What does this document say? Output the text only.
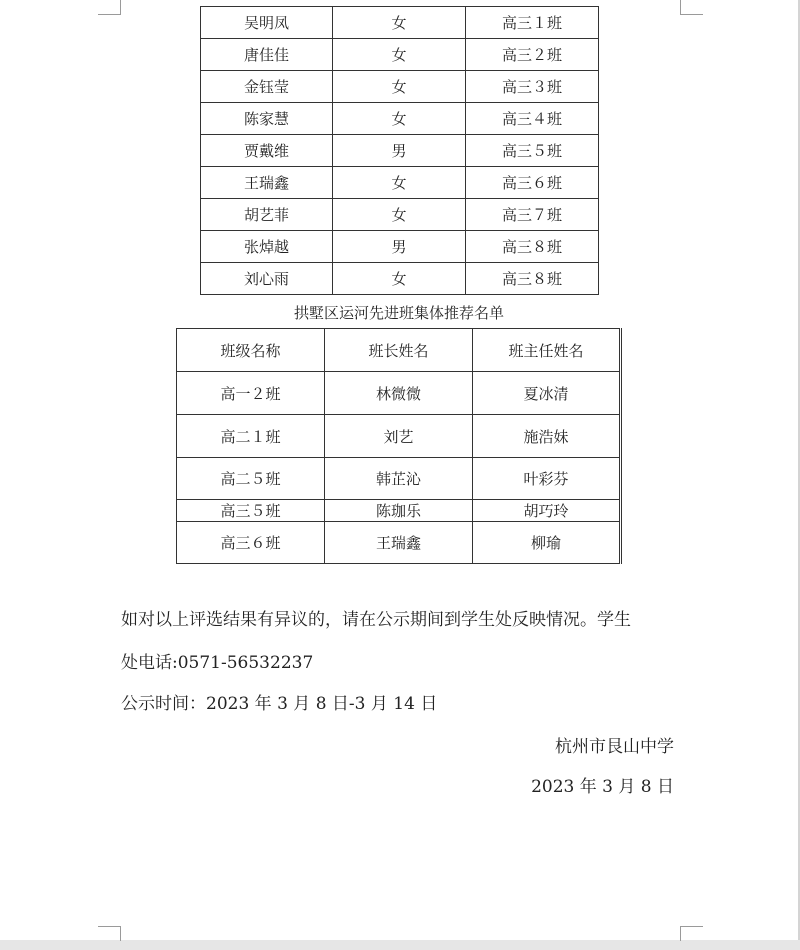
吴明凤	女	高三１班
唐佳佳	女	高三２班
金钰莹	女	高三３班
陈家慧	女	高三４班
贾戴维	男	高三５班
王瑞鑫	女	高三６班
胡艺菲	女	高三７班
张焯越	男	高三８班
刘心雨	女	高三８班
拱墅区运河先进班集体推荐名单
班级名称	班长姓名	班主任姓名
高一２班	林微微	夏冰清
高二１班	刘艺	施浩妹
高二５班	韩芷沁	叶彩芬
高三５班	陈珈乐	胡巧玲
高三６班	王瑞鑫	柳瑜
如对以上评选结果有异议的，请在公示期间到学生处反映情况。学生
处电话:0571-56532237
公示时间：2023 年 3 月 8 日-3 月 14 日
杭州市艮山中学
2023 年 3 月 8 日
